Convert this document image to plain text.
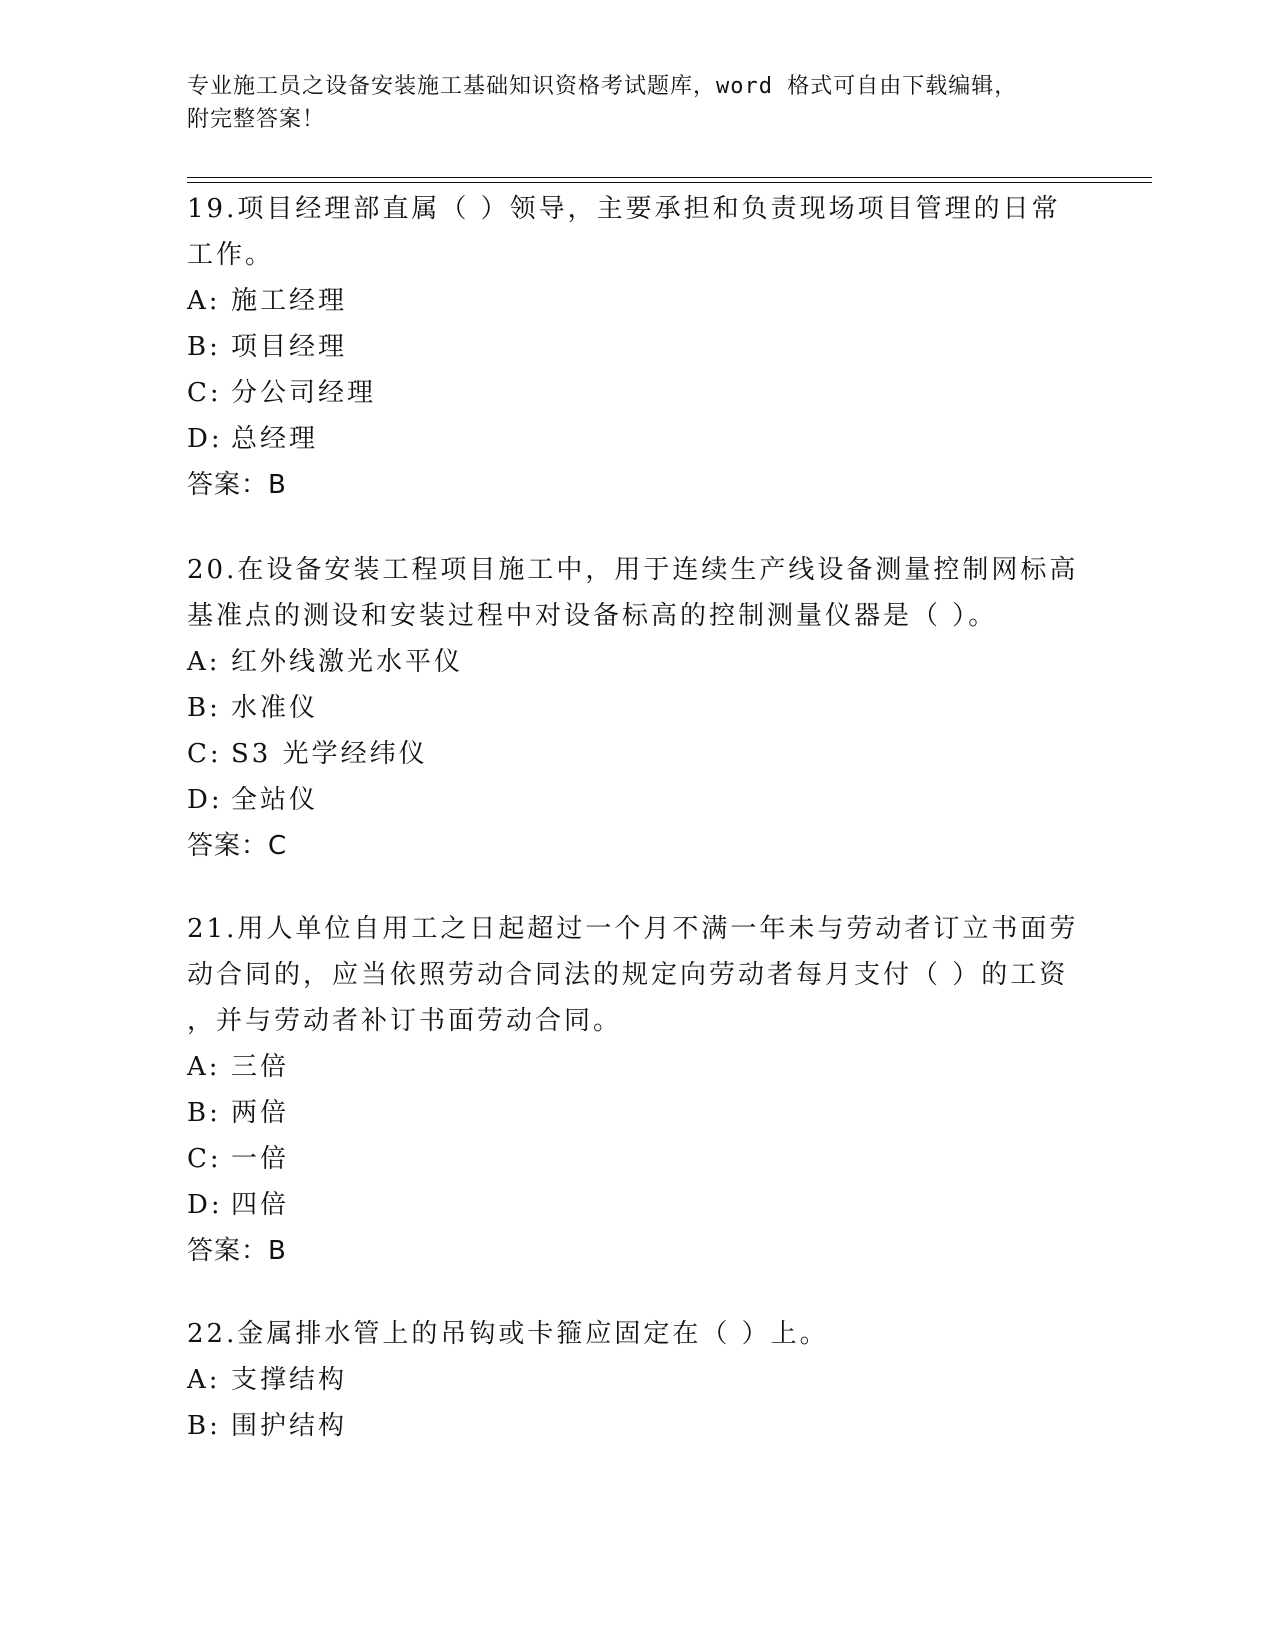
专业施工员之设备安装施工基础知识资格考试题库，word 格式可自由下载编辑，
附完整答案！

19.项目经理部直属（ ）领导，主要承担和负责现场项目管理的日常

工作。

A: 施工经理

B: 项目经理

C: 分公司经理

D: 总经理

答案：B

20.在设备安装工程项目施工中，用于连续生产线设备测量控制网标高

基准点的测设和安装过程中对设备标高的控制测量仪器是（ ）。

A: 红外线激光水平仪

B: 水准仪

C: S3 光学经纬仪

D: 全站仪

答案：C

21.用人单位自用工之日起超过一个月不满一年未与劳动者订立书面劳

动合同的，应当依照劳动合同法的规定向劳动者每月支付（ ）的工资

，并与劳动者补订书面劳动合同。

A: 三倍

B: 两倍

C: 一倍

D: 四倍

答案：B

22.金属排水管上的吊钩或卡箍应固定在（ ）上。

A: 支撑结构

B: 围护结构
